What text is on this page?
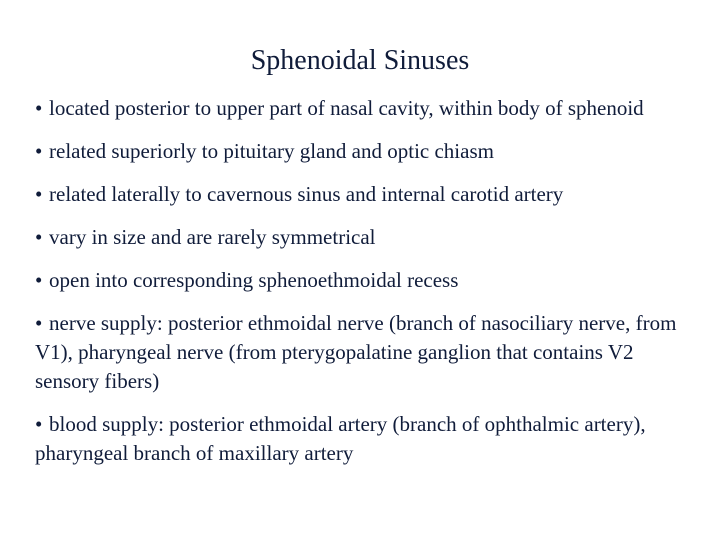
Sphenoidal Sinuses
• located posterior to upper part of nasal cavity, within body of sphenoid
• related superiorly to pituitary gland and optic chiasm
• related laterally to cavernous sinus and internal carotid artery
• vary in size and are rarely symmetrical
• open into corresponding sphenoethmoidal recess
• nerve supply: posterior ethmoidal nerve (branch of nasociliary nerve, from V1), pharyngeal nerve (from pterygopalatine ganglion that contains V2 sensory fibers)
• blood supply: posterior ethmoidal artery (branch of ophthalmic artery), pharyngeal branch of maxillary artery
